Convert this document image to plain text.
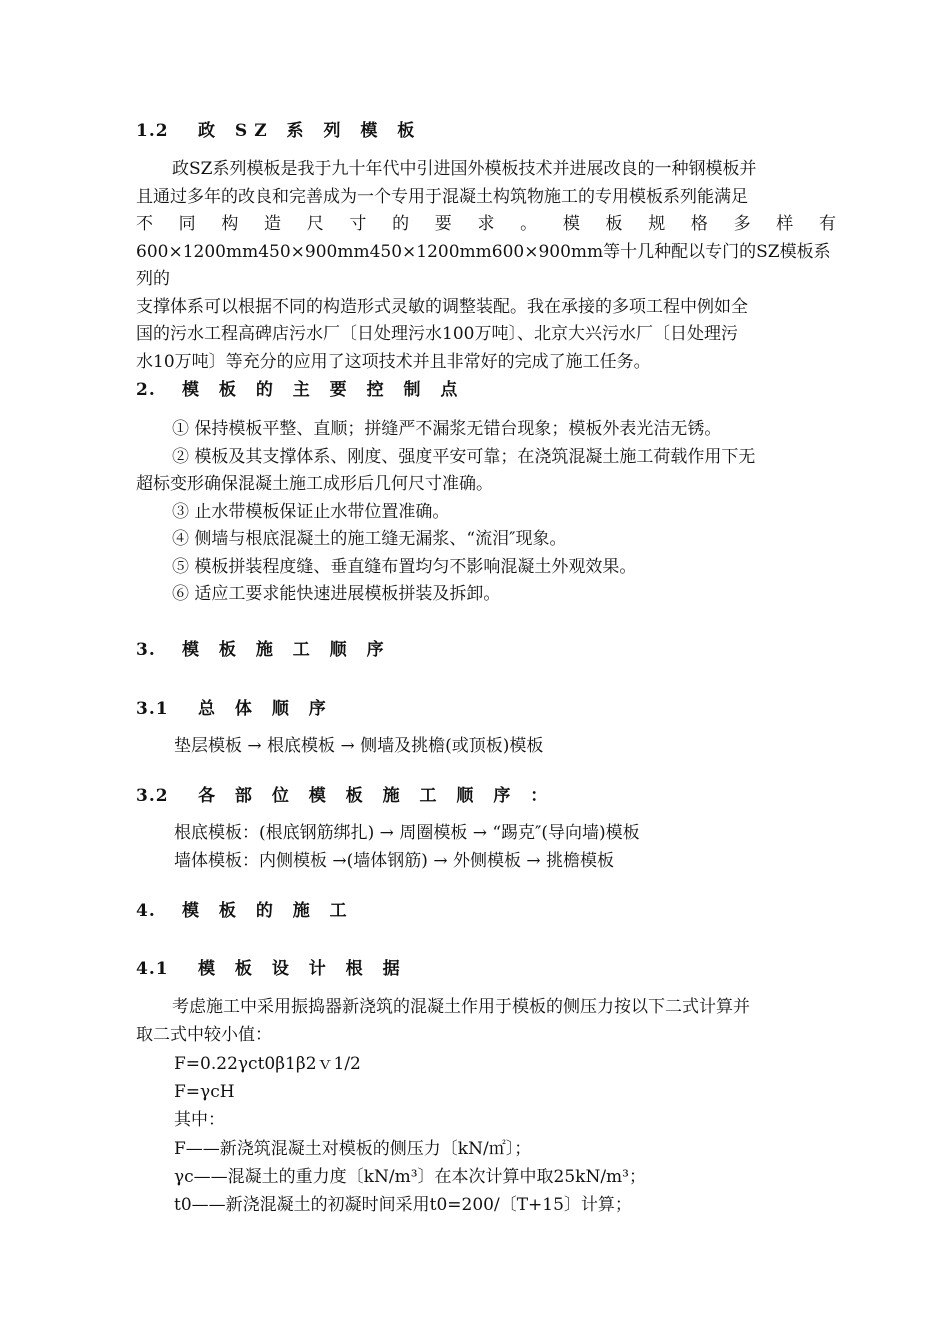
1.2 政 SZ 系 列 模 板

政SZ系列模板是我于九十年代中引进国外模板技术并进展改良的一种钢模板并

且通过多年的改良和完善成为一个专用于混凝土构筑物施工的专用模板系列能满足

不 同 构 造 尺 寸 的 要 求 。 模 板 规 格 多 样 有

600×1200mm450×900mm450×1200mm600×900mm等十几种配以专门的SZ模板系列的

支撑体系可以根据不同的构造形式灵敏的调整装配。我在承接的多项工程中例如全

国的污水工程高碑店污水厂〔日处理污水100万吨〕、北京大兴污水厂〔日处理污

水10万吨〕等充分的应用了这项技术并且非常好的完成了施工任务。

2. 模 板 的 主 要 控 制 点

① 保持模板平整、直顺；拼缝严不漏浆无错台现象；模板外表光洁无锈。

② 模板及其支撑体系、刚度、强度平安可靠；在浇筑混凝土施工荷载作用下无

超标变形确保混凝土施工成形后几何尺寸准确。

③ 止水带模板保证止水带位置准确。

④ 侧墙与根底混凝土的施工缝无漏浆、“流泪″现象。

⑤ 模板拼装程度缝、垂直缝布置均匀不影响混凝土外观效果。

⑥ 适应工要求能快速进展模板拼装及拆卸。

3. 模 板 施 工 顺 序
3.1 总 体 顺 序
垫层模板 → 根底模板 → 侧墙及挑檐(或顶板)模板
3.2 各 部 位 模 板 施 工 顺 序 ：
根底模板：(根底钢筋绑扎) → 周圈模板 → “踢克″(导向墙)模板
墙体模板：内侧模板 →(墙体钢筋) → 外侧模板 → 挑檐模板
4. 模 板 的 施 工
4.1 模 板 设 计 根 据

考虑施工中采用振捣器新浇筑的混凝土作用于模板的侧压力按以下二式计算并

取二式中较小值：

F=0.22γct0β1β2ｖ1/2
F=γcH
其中：
F——新浇筑混凝土对模板的侧压力〔kN/㎡〕；
γc——混凝土的重力度〔kN/m³〕在本次计算中取25kN/m³；
t0——新浇混凝土的初凝时间采用t0=200/〔T+15〕计算；
